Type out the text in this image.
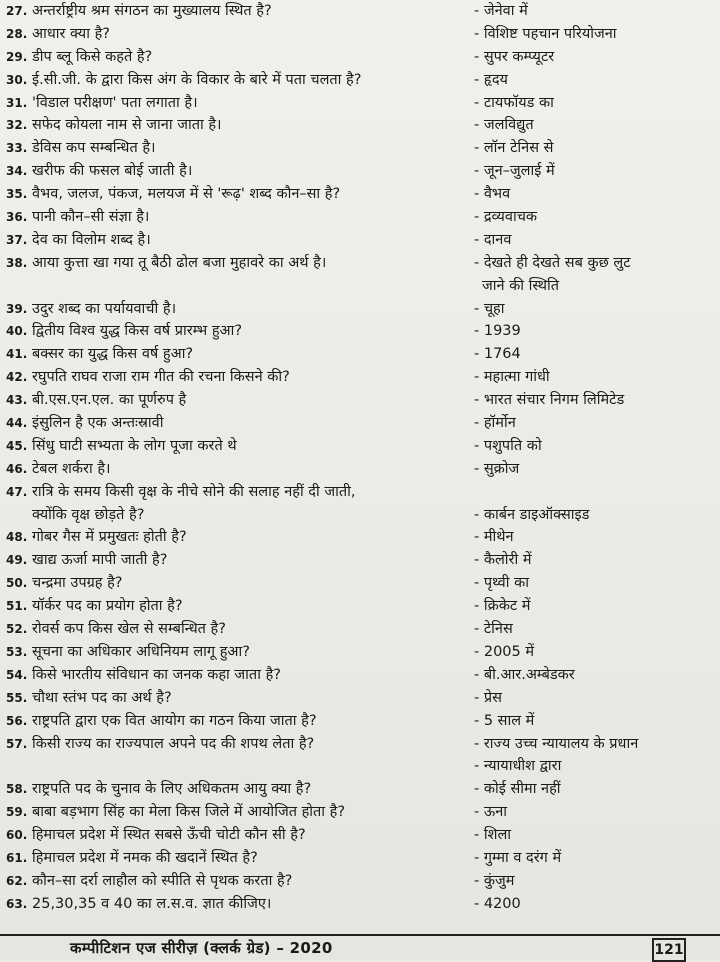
27. अन्तर्राष्ट्रीय श्रम संगठन का मुख्यालय स्थित है?	- जेनेवा में
28. आधार क्या है?	- विशिष्ट पहचान परियोजना
29. डीप ब्लू किसे कहते है?	- सुपर कम्प्यूटर
30. ई.सी.जी. के द्वारा किस अंग के विकार के बारे में पता चलता है?	- हृदय
31. 'विडाल परीक्षण' पता लगाता है।	- टायफॉयड का
32. सफेद कोयला नाम से जाना जाता है।	- जलविद्युत
33. डेविस कप सम्बन्धित है।	- लॉन टेनिस से
34. खरीफ की फसल बोई जाती है।	- जून–जुलाई में
35. वैभव, जलज, पंकज, मलयज में से 'रूढ़' शब्द कौन–सा है?	- वैभव
36. पानी कौन–सी संज्ञा है।	- द्रव्यवाचक
37. देव का विलोम शब्द है।	- दानव
38. आया कुत्ता खा गया तू बैठी ढोल बजा मुहावरे का अर्थ है।	- देखते ही देखते सब कुछ लुट
जाने की स्थिति
39. उदुर शब्द का पर्यायवाची है।	- चूहा
40. द्वितीय विश्व युद्ध किस वर्ष प्रारम्भ हुआ?	- 1939
41. बक्सर का युद्ध किस वर्ष हुआ?	- 1764
42. रघुपति राघव राजा राम गीत की रचना किसने की?	- महात्मा गांधी
43. बी.एस.एन.एल. का पूर्णरुप है	- भारत संचार निगम लिमिटेड
44. इंसुलिन है एक अन्तःस्रावी	- हॉर्मोन
45. सिंधु घाटी सभ्यता के लोग पूजा करते थे	- पशुपति को
46. टेबल शर्करा है।	- सुक्रोज
47. रात्रि के समय किसी वृक्ष के नीचे सोने की सलाह नहीं दी जाती,
क्योंकि वृक्ष छोड़ते है?	- कार्बन डाइऑक्साइड
48. गोबर गैस में प्रमुखतः होती है?	- मीथेन
49. खाद्य ऊर्जा मापी जाती है?	- कैलोरी में
50. चन्द्रमा उपग्रह है?	- पृथ्वी का
51. यॉर्कर पद का प्रयोग होता है?	- क्रिकेट में
52. रोवर्स कप किस खेल से सम्बन्धित है?	- टेनिस
53. सूचना का अधिकार अधिनियम लागू हुआ?	- 2005 में
54. किसे भारतीय संविधान का जनक कहा जाता है?	- बी.आर.अम्बेडकर
55. चौथा स्तंभ पद का अर्थ है?	- प्रेस
56. राष्ट्रपति द्वारा एक वित आयोग का गठन किया जाता है?	- 5 साल में
57. किसी राज्य का राज्यपाल अपने पद की शपथ लेता है?	- राज्य उच्च न्यायालय के प्रधान
- न्यायाधीश द्वारा
58. राष्ट्रपति पद के चुनाव के लिए अधिकतम आयु क्या है?	- कोई सीमा नहीं
59. बाबा बड़भाग सिंह का मेला किस जिले में आयोजित होता है?	- ऊना
60. हिमाचल प्रदेश में स्थित सबसे ऊँची चोटी कौन सी है?	- शिला
61. हिमाचल प्रदेश में नमक की खदानें स्थित है?	- गुम्मा व दरंग में
62. कौन–सा दर्रा लाहौल को स्पीति से पृथक करता है?	- कुंजुम
63. 25,30,35 व 40 का ल.स.व. ज्ञात कीजिए।	- 4200
कम्पीटिशन एज सीरीज़ (क्लर्क ग्रेड) – 2020	121
